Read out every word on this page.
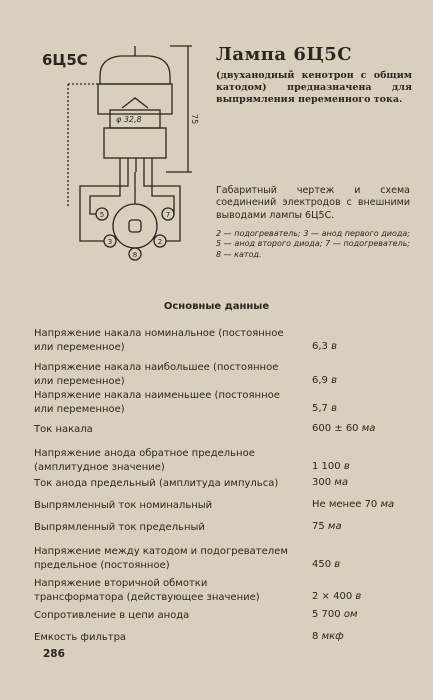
φ 32,8	75
5
3	2
7
8
6Ц5С	Лампа 6Ц5С
(двуханодный кенотрон с общим катодом) предназначена для выпрямления переменного тока.
Габаритный чертеж и схема соединений электродов с внешними выводами лампы 6Ц5С.
2 — подогреватель; 3 — анод первого диода; 5 — анод второго диода; 7 — подогреватель; 8 — катод.
Основные данные
Напряжение накала номинальное (постоянное или переменное)	6,3 в
Напряжение накала наибольшее (постоянное или переменное)	6,9 в
Напряжение накала наименьшее (постоянное или переменное)	5,7 в
Ток накала	600 ± 60 ма
Напряжение анода обратное предельное (амплитудное значение)	1 100 в
Ток анода предельный (амплитуда импульса)	300 ма
Выпрямленный ток номинальный	Не менее 70 ма
Выпрямленный ток предельный	75 ма
Напряжение между катодом и подогревателем предельное (постоянное)	450 в
Напряжение вторичной обмотки трансформатора (действующее значение)	2 × 400 в
Сопротивление в цепи анода	5 700 ом
Емкость фильтра	8 мкф
286
